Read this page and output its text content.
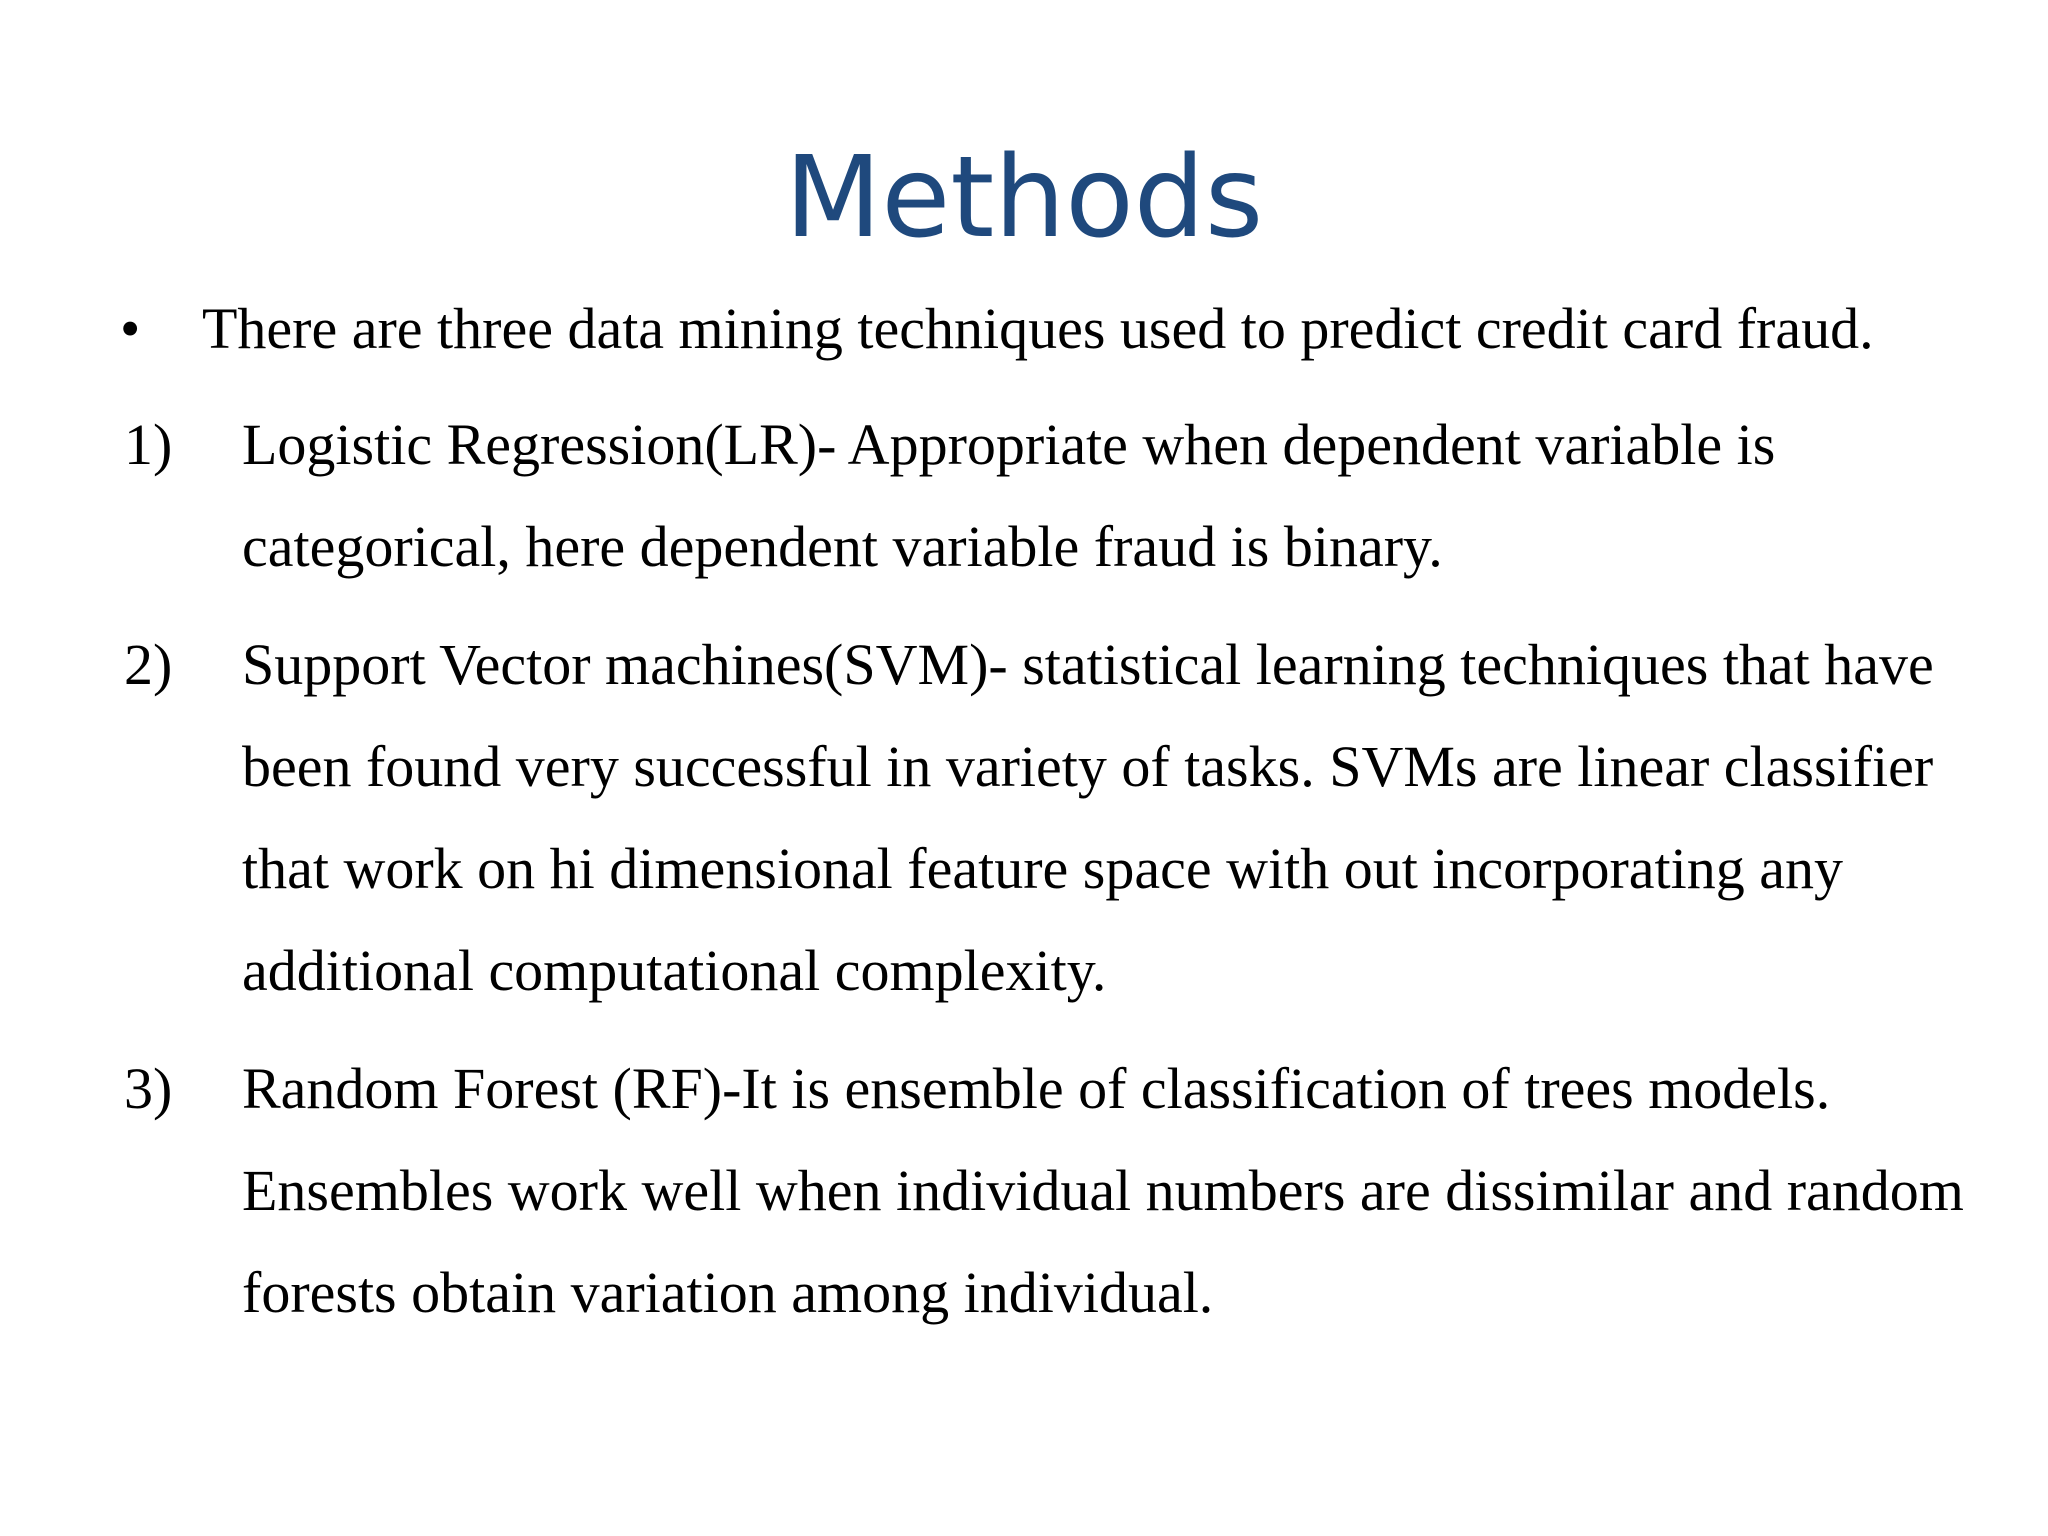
Methods
• There are three data mining techniques used to predict credit card fraud.
1) Logistic Regression(LR)- Appropriate when dependent variable is
categorical, here dependent variable fraud is binary.
2) Support Vector machines(SVM)- statistical learning techniques that have
been found very successful in variety of tasks. SVMs are linear classifier
that work on hi dimensional feature space with out incorporating any
additional computational complexity.
3) Random Forest (RF)-It is ensemble of classification of trees models.
Ensembles work well when individual numbers are dissimilar and random
forests obtain variation among individual.
